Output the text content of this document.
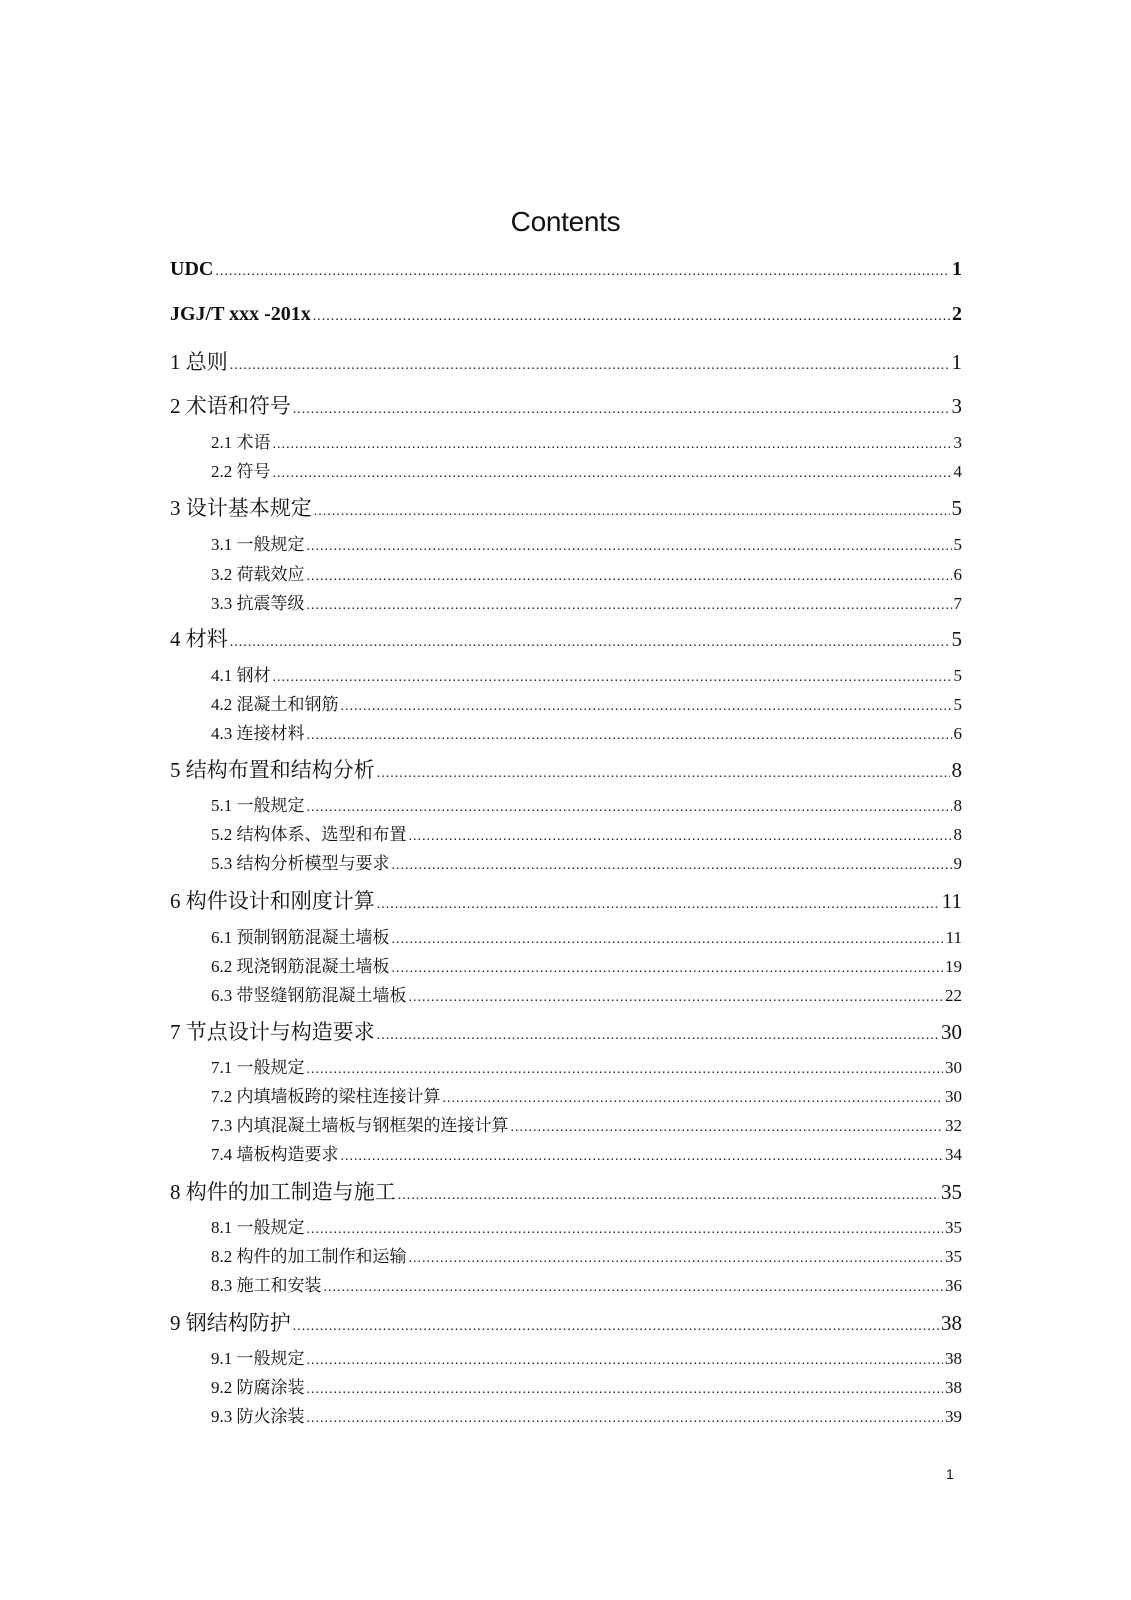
Contents
UDC .....	1
JGJ/T xxx -201x .....	2
1 总则 .....	1
2 术语和符号 .....	3
2.1 术语 .....	3
2.2 符号 .....	4
3 设计基本规定 .....	5
3.1 一般规定 .....	5
3.2 荷载效应 .....	6
3.3 抗震等级 .....	7
4 材料 .....	5
4.1 钢材 .....	5
4.2 混凝土和钢筋 .....	5
4.3 连接材料 .....	6
5 结构布置和结构分析 .....	8
5.1 一般规定 .....	8
5.2 结构体系、选型和布置 .....	8
5.3 结构分析模型与要求 .....	9
6 构件设计和刚度计算 .....	11
6.1 预制钢筋混凝土墙板 .....	11
6.2 现浇钢筋混凝土墙板 .....	19
6.3 带竖缝钢筋混凝土墙板 .....	22
7 节点设计与构造要求 .....	30
7.1 一般规定 .....	30
7.2 内填墙板跨的梁柱连接计算 .....	30
7.3 内填混凝土墙板与钢框架的连接计算 .....	32
7.4 墙板构造要求 .....	34
8 构件的加工制造与施工 .....	35
8.1 一般规定 .....	35
8.2 构件的加工制作和运输 .....	35
8.3 施工和安装 .....	36
9 钢结构防护 .....	38
9.1 一般规定 .....	38
9.2 防腐涂装 .....	38
9.3 防火涂装 .....	39
1
